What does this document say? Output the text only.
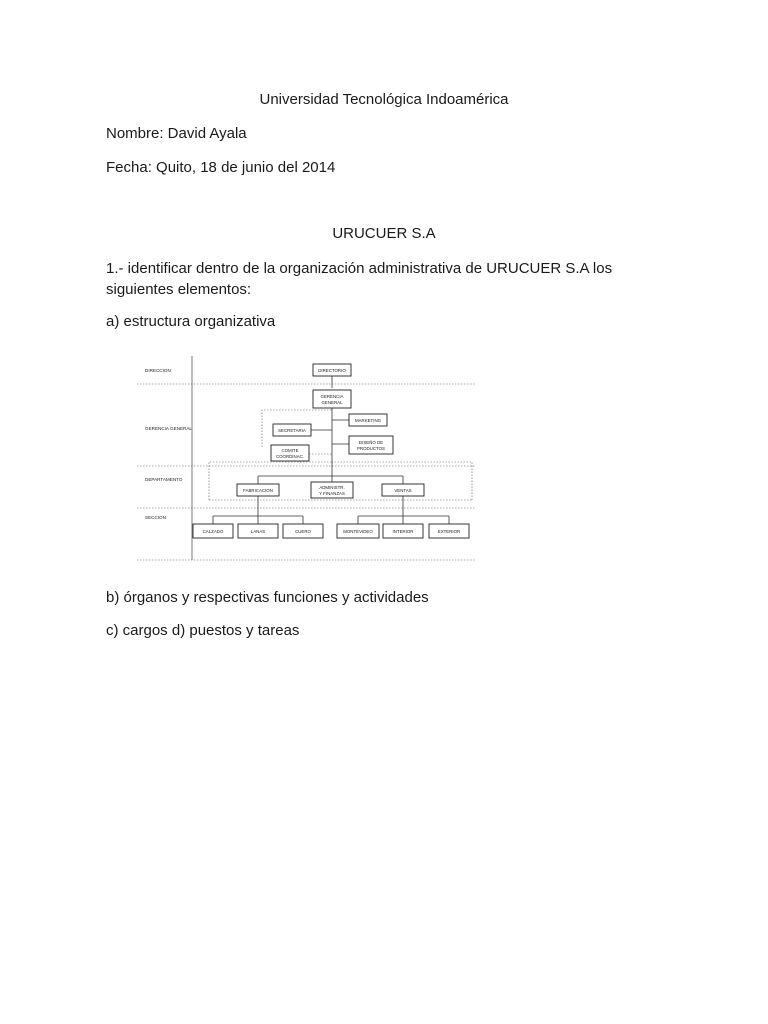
Universidad Tecnológica Indoamérica
Nombre: David Ayala
Fecha: Quito, 18 de junio del 2014
URUCUER S.A
1.- identificar dentro de la organización administrativa de URUCUER S.A los siguientes elementos:
a) estructura organizativa
DIRECCION
GERENCIA GENERAL
DEPARTAMENTO
SECCION
DIRECTORIO
GERENCIA
GENERAL
MARKETING
SECRETARIA
DISEÑO DE
PRODUCTOS
COMITE
COORDINAC.
FABRICACION
ADMINISTR.
Y FINANZAS
VENTAS
CALZADO	LANAS	CUERO	MONTEVIDEO	INTERIOR	EXTERIOR
b) órganos y respectivas funciones y actividades
c) cargos d) puestos y tareas
